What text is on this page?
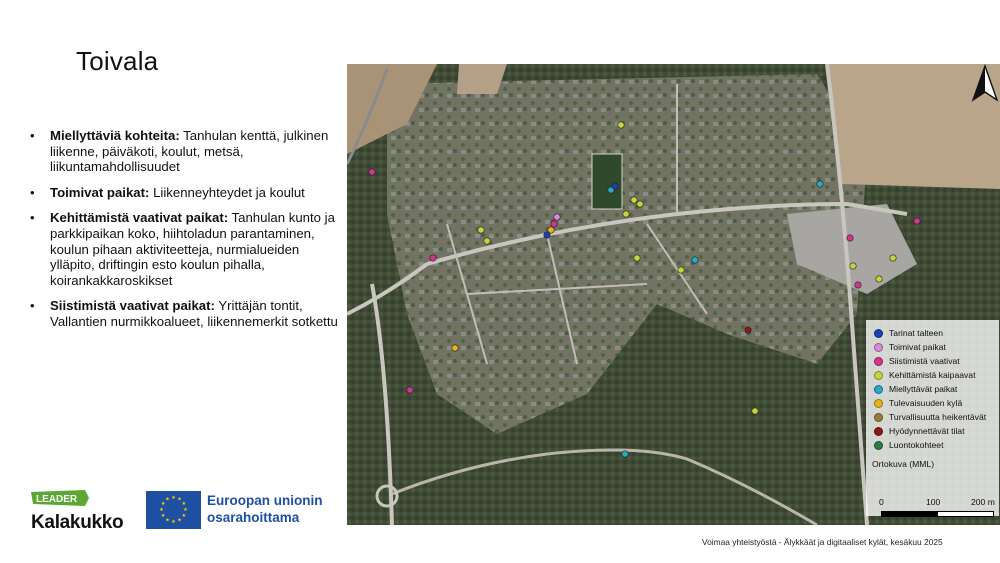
Toivala
• Miellyttäviä kohteita: Tanhulan kenttä, julkinen liikenne, päiväkoti, koulut, metsä, liikuntamahdollisuudet
• Toimivat paikat: Liikenneyhteydet ja koulut
• Kehittämistä vaativat paikat: Tanhulan kunto ja parkkipaikan koko, hiihtoladun parantaminen, koulun pihaan aktiviteetteja, nurmialueiden ylläpito, driftingin esto koulun pihalla, koirankakkaroskikset
• Siistimistä vaativat paikat: Yrittäjän tontit, Vallantien nurmikkoalueet, liikennemerkit sotkettu
Tarinat talteen
Toimivat paikat
Siistimistä vaativat
Kehittämistä kaipaavat
Miellyttävät paikat
Tulevaisuuden kylä
Turvallisuutta heikentävät
Hyödynnettävät tilat
Luontokohteet
Ortokuva (MML)
0	100	200 m
LEADER
Kalakukko
★ ★
★
★
★
★
★
★
★
★
★
★	Euroopan unionin
osarahoittama
Voimaa yhteistyöstä - Älykkäät ja digitaaliset kylät, kesäkuu 2025
